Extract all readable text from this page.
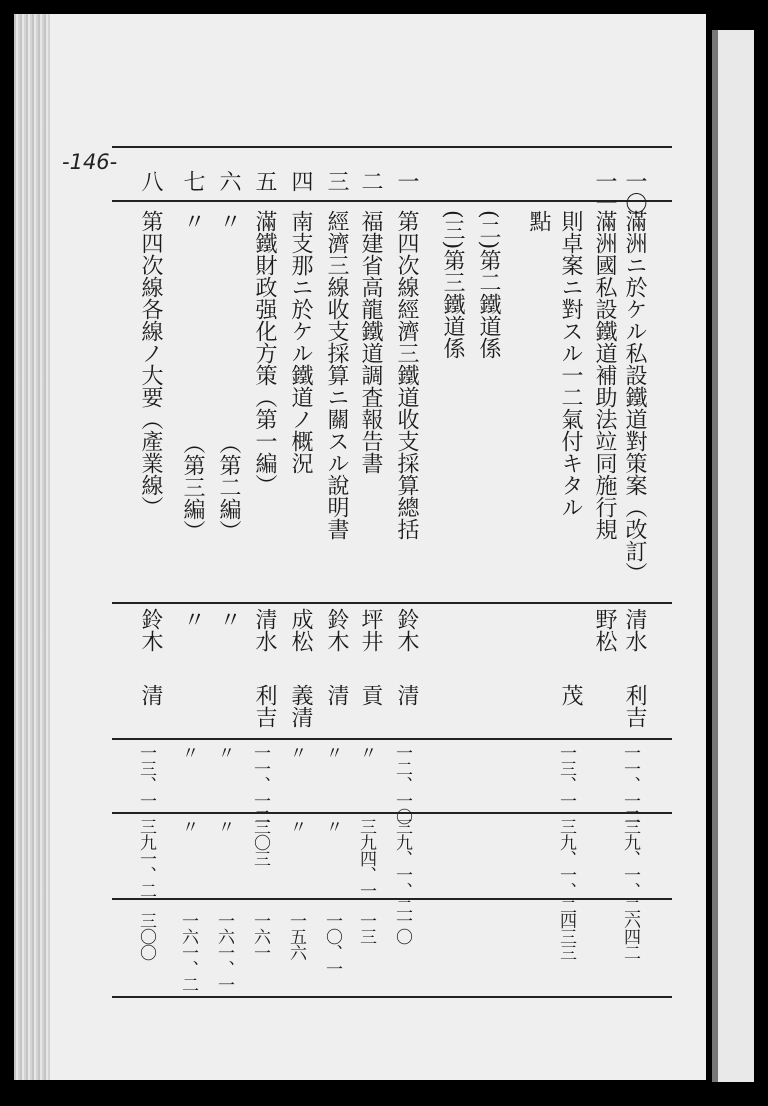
-146-
一〇
滿洲ニ於ケル私設鐵道對策案（改訂）
清水
利吉
一一、一二
三九、一、二
六四二
一一
滿洲國私設鐵道補助法竝同施行規
野松
則卓案ニ對スル一二氣付キタル
茂
一三、一
三九、一、二
四三三
點
(二)第二鐵道係
(三)第三鐵道係
一
第四次線經濟三鐵道收支採算總括
鈴木
清
一二、一〇
三九、一、二
一〇
二
福建省高龍鐵道調査報告書
坪井
貢
〃
三九四、一
一三
三
經濟三線收支採算ニ關スル說明書
鈴木
清
〃
〃
一〇、一
四
南支那ニ於ケル鐵道ノ概況
成松
義清
〃
〃
一五六
五
滿鐵財政强化方策（第一編）
清水
利吉
一一、一二
三〇三
一六一
六
〃
（第二編）
〃
〃
〃
一六一、一
七
〃
（第三編）
〃
〃
〃
一六一、二
八
第四次線各線ノ大要（產業線）
鈴木
清
一三、一
三九一、二
三〇〇
